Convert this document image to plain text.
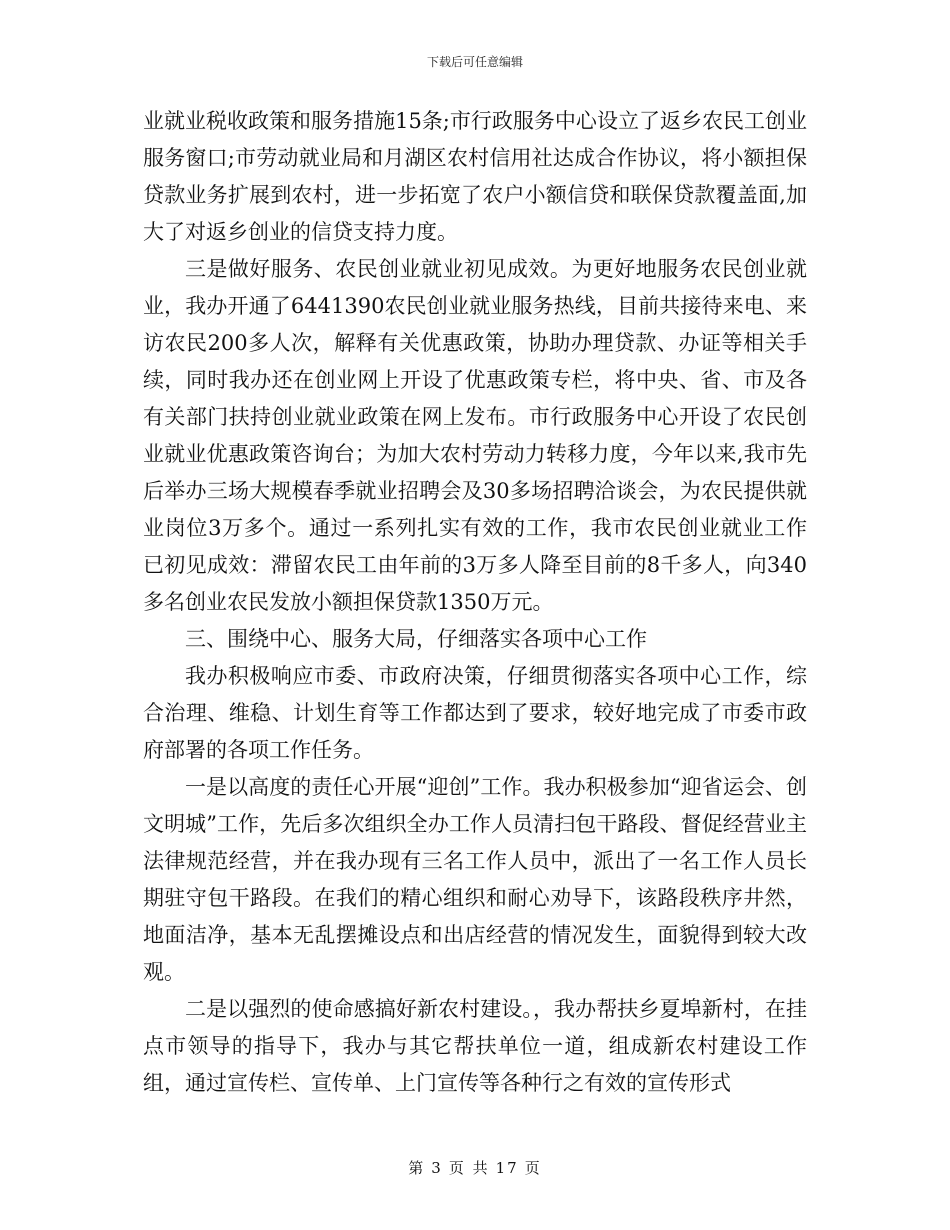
下载后可任意编辑

业就业税收政策和服务措施15条;市行政服务中心设立了返乡农民工创业服务窗口;市劳动就业局和月湖区农村信用社达成合作协议，将小额担保贷款业务扩展到农村，进一步拓宽了农户小额信贷和联保贷款覆盖面,加大了对返乡创业的信贷支持力度。

三是做好服务、农民创业就业初见成效。为更好地服务农民创业就业，我办开通了6441390农民创业就业服务热线，目前共接待来电、来访农民200多人次，解释有关优惠政策，协助办理贷款、办证等相关手续，同时我办还在创业网上开设了优惠政策专栏，将中央、省、市及各有关部门扶持创业就业政策在网上发布。市行政服务中心开设了农民创业就业优惠政策咨询台；为加大农村劳动力转移力度，今年以来,我市先后举办三场大规模春季就业招聘会及30多场招聘洽谈会，为农民提供就业岗位3万多个。通过一系列扎实有效的工作，我市农民创业就业工作已初见成效：滞留农民工由年前的3万多人降至目前的8千多人，向340多名创业农民发放小额担保贷款1350万元。

三、围绕中心、服务大局，仔细落实各项中心工作

我办积极响应市委、市政府决策，仔细贯彻落实各项中心工作，综合治理、维稳、计划生育等工作都达到了要求，较好地完成了市委市政府部署的各项工作任务。

一是以高度的责任心开展“迎创”工作。我办积极参加“迎省运会、创文明城”工作，先后多次组织全办工作人员清扫包干路段、督促经营业主法律规范经营，并在我办现有三名工作人员中，派出了一名工作人员长期驻守包干路段。在我们的精心组织和耐心劝导下，该路段秩序井然，地面洁净，基本无乱摆摊设点和出店经营的情况发生，面貌得到较大改观。

二是以强烈的使命感搞好新农村建设。，我办帮扶乡夏埠新村，在挂点市领导的指导下，我办与其它帮扶单位一道，组成新农村建设工作组，通过宣传栏、宣传单、上门宣传等各种行之有效的宣传形式

第 3 页 共 17 页
